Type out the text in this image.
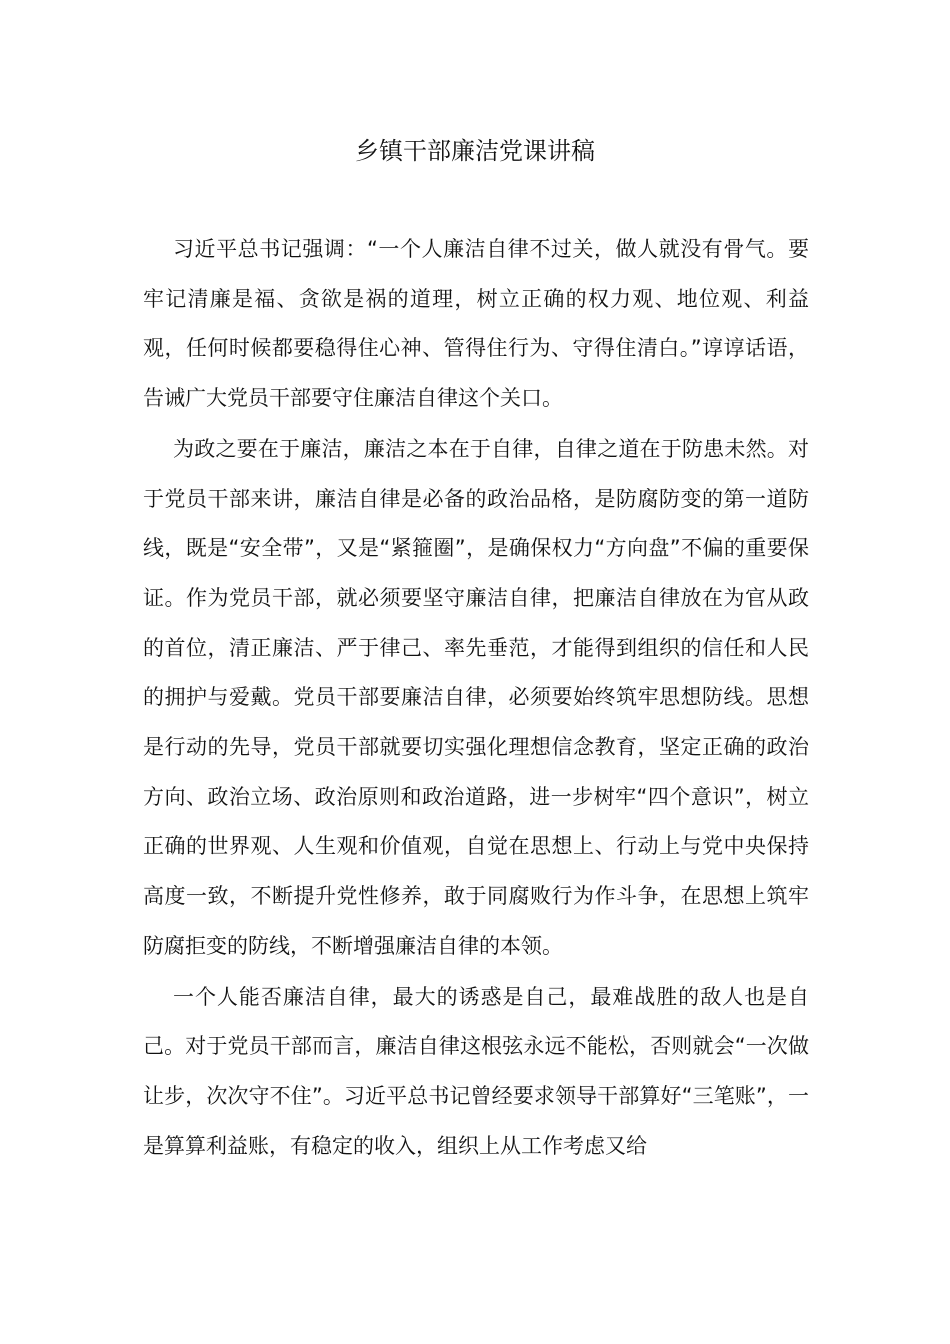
乡镇干部廉洁党课讲稿

习近平总书记强调：“一个人廉洁自律不过关，做人就没有骨气。要牢记清廉是福、贪欲是祸的道理，树立正确的权力观、地位观、利益观，任何时候都要稳得住心神、管得住行为、守得住清白。”谆谆话语，告诫广大党员干部要守住廉洁自律这个关口。

为政之要在于廉洁，廉洁之本在于自律，自律之道在于防患未然。对于党员干部来讲，廉洁自律是必备的政治品格，是防腐防变的第一道防线，既是“安全带”，又是“紧箍圈”，是确保权力“方向盘”不偏的重要保证。作为党员干部，就必须要坚守廉洁自律，把廉洁自律放在为官从政的首位，清正廉洁、严于律己、率先垂范，才能得到组织的信任和人民的拥护与爱戴。党员干部要廉洁自律，必须要始终筑牢思想防线。思想是行动的先导，党员干部就要切实强化理想信念教育，坚定正确的政治方向、政治立场、政治原则和政治道路，进一步树牢“四个意识”，树立正确的世界观、人生观和价值观，自觉在思想上、行动上与党中央保持高度一致，不断提升党性修养，敢于同腐败行为作斗争，在思想上筑牢防腐拒变的防线，不断增强廉洁自律的本领。

一个人能否廉洁自律，最大的诱惑是自己，最难战胜的敌人也是自己。对于党员干部而言，廉洁自律这根弦永远不能松，否则就会“一次做让步，次次守不住”。习近平总书记曾经要求领导干部算好“三笔账”，一是算算利益账，有稳定的收入，组织上从工作考虑又给
